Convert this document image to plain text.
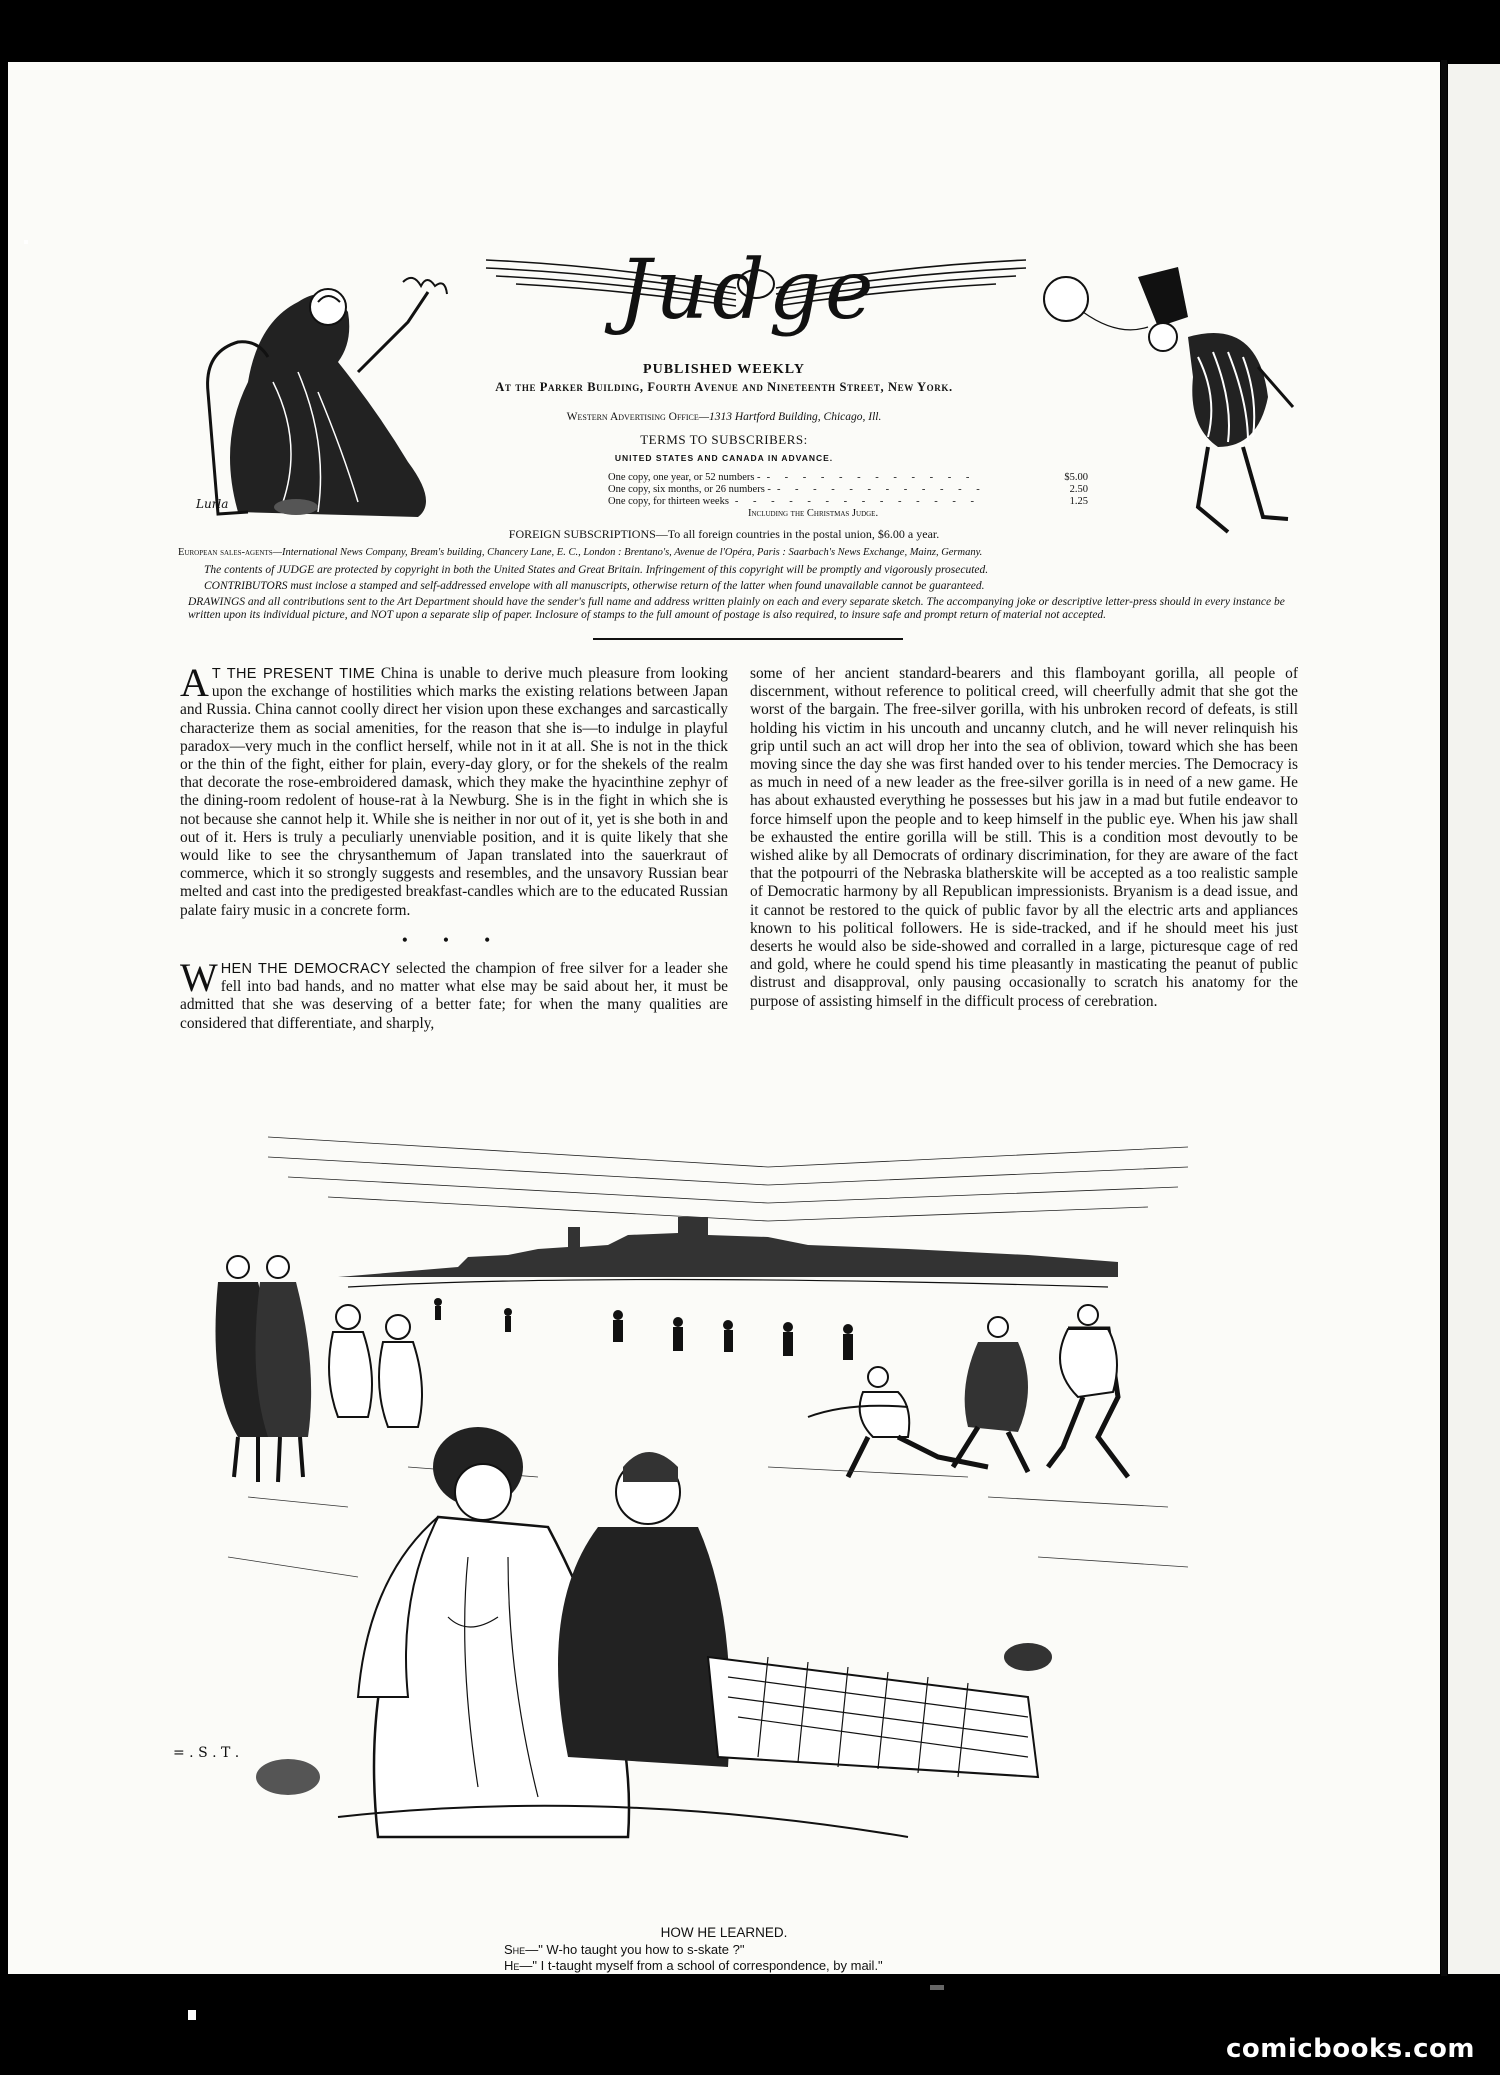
Lurla
Judge
PUBLISHED WEEKLY
At the Parker Building, Fourth Avenue and Nineteenth Street, New York.
Western Advertising Office—1313 Hartford Building, Chicago, Ill.
TERMS TO SUBSCRIBERS:
UNITED STATES AND CANADA IN ADVANCE.
One copy, one year, or 52 numbers - - - - - - - - - - - - -	$5.00
One copy, six months, or 26 numbers - - - - - - - - - - - - -	2.50
One copy, for thirteen weeks - - - - - - - - - - - - - -	1.25
Including the Christmas Judge.
FOREIGN SUBSCRIPTIONS—To all foreign countries in the postal union, $6.00 a year.
European sales-agents—International News Company, Bream's building, Chancery Lane, E. C., London : Brentano's, Avenue de l'Opéra, Paris : Saarbach's News Exchange, Mainz, Germany.
The contents of JUDGE are protected by copyright in both the United States and Great Britain. Infringement of this copyright will be promptly and vigorously prosecuted.
CONTRIBUTORS must inclose a stamped and self-addressed envelope with all manuscripts, otherwise return of the latter when found unavailable cannot be guaranteed.
DRAWINGS and all contributions sent to the Art Department should have the sender's full name and address written plainly on each and every separate sketch. The accompanying joke or descriptive letter-press should in every instance be written upon its individual picture, and NOT upon a separate slip of paper. Inclosure of stamps to the full amount of postage is also required, to insure safe and prompt return of material not accepted.

A T THE PRESENT TIME China is unable to derive much pleasure from looking upon the exchange of hostilities which marks the existing relations between Japan and Russia. China cannot coolly direct her vision upon these exchanges and sarcastically characterize them as social amenities, for the reason that she is—to indulge in playful paradox—very much in the conflict herself, while not in it at all. She is not in the thick or the thin of the fight, either for plain, every-day glory, or for the shekels of the realm that decorate the rose-embroidered damask, which they make the hyacinthine zephyr of the dining-room redolent of house-rat à la Newburg. She is in the fight in which she is not because she cannot help it. While she is neither in nor out of it, yet is she both in and out of it. Hers is truly a peculiarly unenviable position, and it is quite likely that she would like to see the chrysanthemum of Japan translated into the sauerkraut of commerce, which it so strongly suggests and resembles, and the unsavory Russian bear melted and cast into the predigested breakfast-candles which are to the educated Russian palate fairy music in a concrete form.

• • •

WHEN THE DEMOCRACY selected the champion of free silver for a leader she fell into bad hands, and no matter what else may be said about her, it must be admitted that she was deserving of a better fate; for when the many qualities are considered that differentiate, and sharply,

some of her ancient standard-bearers and this flamboyant gorilla, all people of discernment, without reference to political creed, will cheerfully admit that she got the worst of the bargain. The free-silver gorilla, with his unbroken record of defeats, is still holding his victim in his uncouth and uncanny clutch, and he will never relinquish his grip until such an act will drop her into the sea of oblivion, toward which she has been moving since the day she was first handed over to his tender mercies. The Democracy is as much in need of a new leader as the free-silver gorilla is in need of a new game. He has about exhausted everything he possesses but his jaw in a mad but futile endeavor to force himself upon the people and to keep himself in the public eye. When his jaw shall be exhausted the entire gorilla will be still. This is a condition most devoutly to be wished alike by all Democrats of ordinary discrimination, for they are aware of the fact that the potpourri of the Nebraska blatherskite will be accepted as a too realistic sample of Democratic harmony by all Republican impressionists. Bryanism is a dead issue, and it cannot be restored to the quick of public favor by all the electric arts and appliances known to his political followers. He is side-tracked, and if he should meet his just deserts he would also be side-showed and corralled in a large, picturesque cage of red and gold, where he could spend his time pleasantly in masticating the peanut of public distrust and disapproval, only pausing occasionally to scratch his anatomy for the purpose of assisting himself in the difficult process of cerebration.

= . S . T .
HOW HE LEARNED.
She—" W-ho taught you how to s-skate ?"
He—" I t-taught myself from a school of correspondence, by mail."
comicbooks.com
